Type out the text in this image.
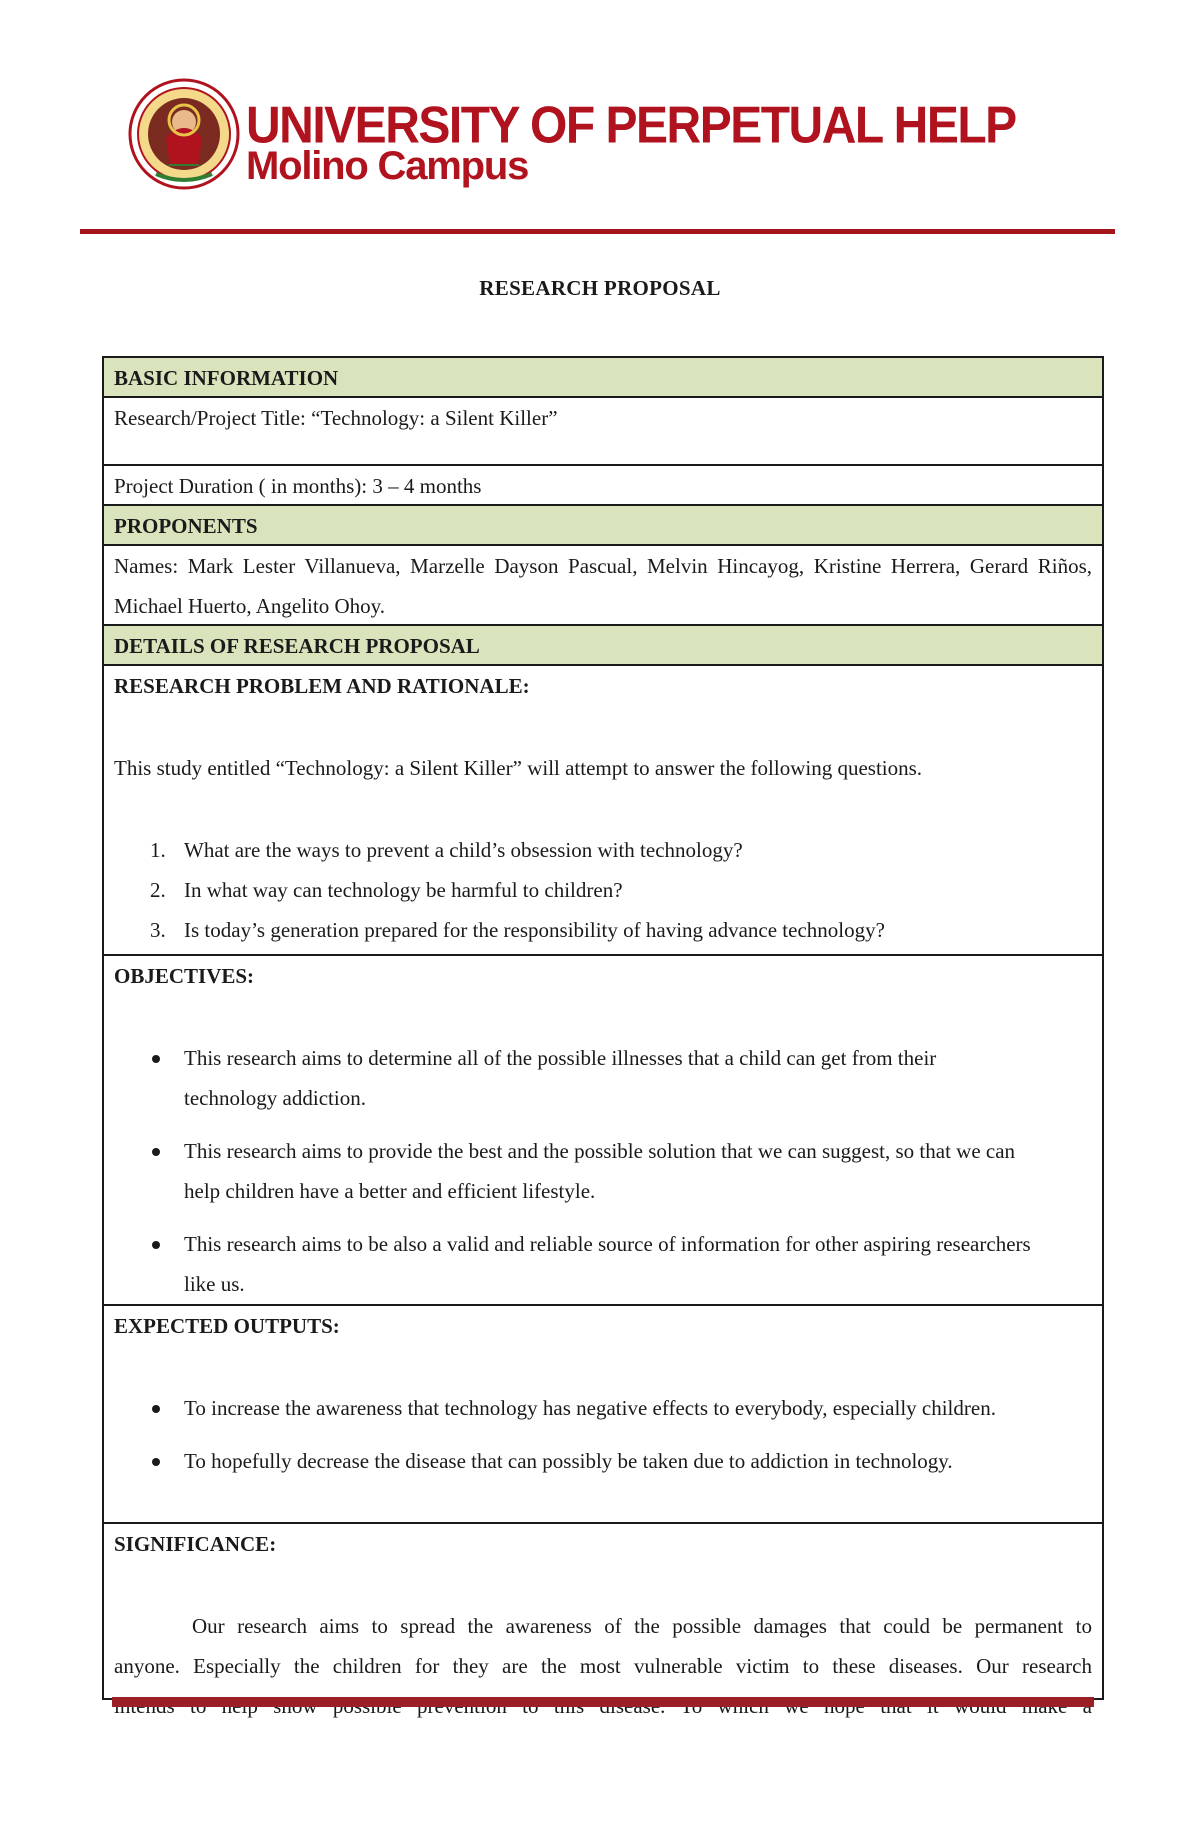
UNIVERSITY OF PERPETUAL HELP
Molino Campus
RESEARCH PROPOSAL
BASIC INFORMATION
Research/Project Title: “Technology: a Silent Killer”
Project Duration ( in months): 3 – 4 months
PROPONENTS
Names: Mark Lester Villanueva, Marzelle Dayson Pascual, Melvin Hincayog, Kristine Herrera, Gerard Riños, Michael Huerto, Angelito Ohoy.
DETAILS OF RESEARCH PROPOSAL
RESEARCH PROBLEM AND RATIONALE:
This study entitled “Technology: a Silent Killer” will attempt to answer the following questions.
1. What are the ways to prevent a child’s obsession with technology?
2. In what way can technology be harmful to children?
3. Is today’s generation prepared for the responsibility of having advance technology?
OBJECTIVES:
This research aims to determine all of the possible illnesses that a child can get from their technology addiction.
This research aims to provide the best and the possible solution that we can suggest, so that we can help children have a better and efficient lifestyle.
This research aims to be also a valid and reliable source of information for other aspiring researchers like us.
EXPECTED OUTPUTS:
To increase the awareness that technology has negative effects to everybody, especially children.
To hopefully decrease the disease that can possibly be taken due to addiction in technology.
SIGNIFICANCE:
Our research aims to spread the awareness of the possible damages that could be permanent to
anyone. Especially the children for they are the most vulnerable victim to these diseases. Our research
